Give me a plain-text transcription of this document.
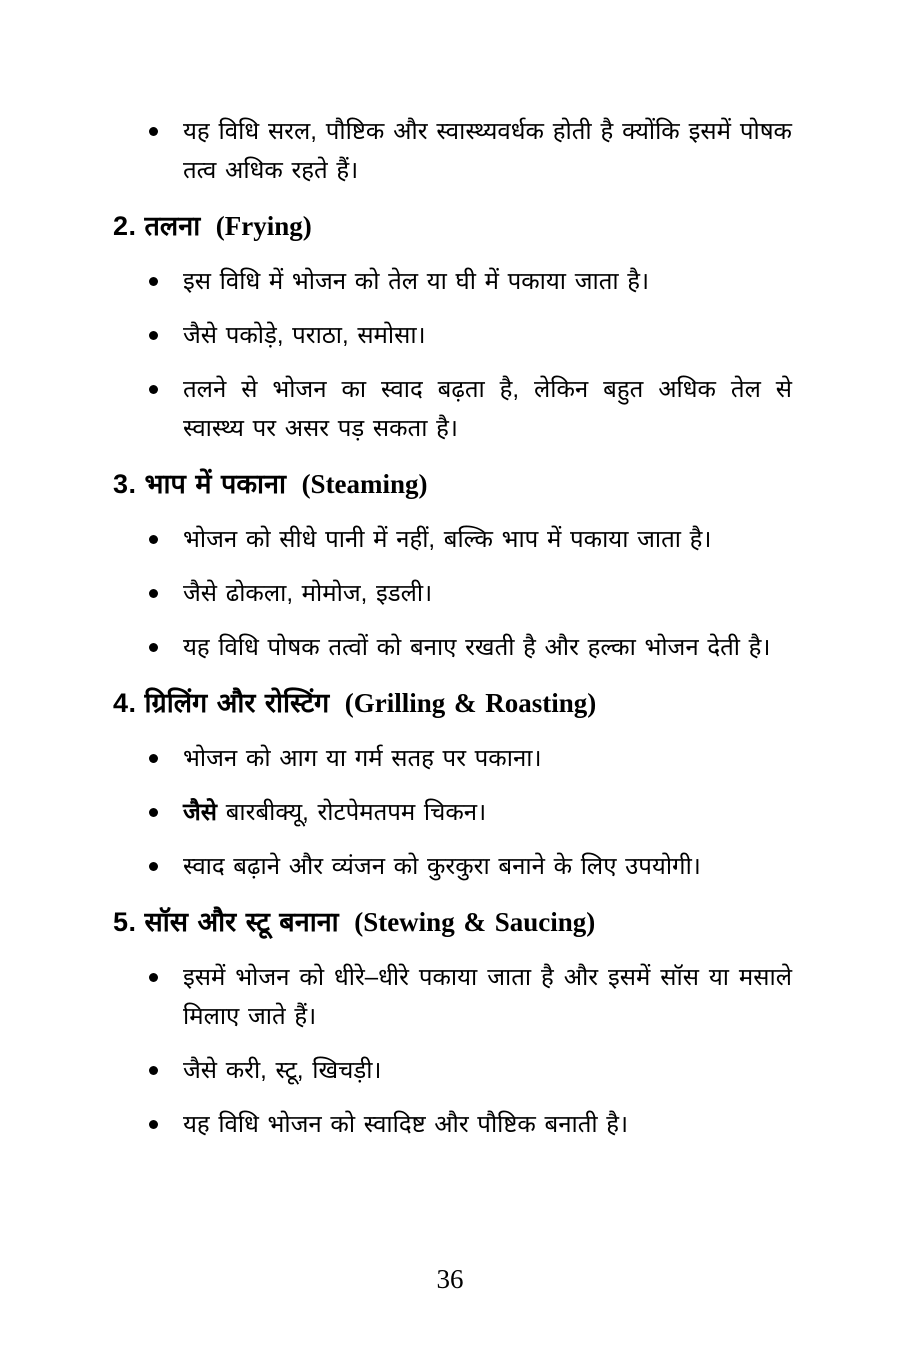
यह विधि सरल, पौष्टिक और स्वास्थ्यवर्धक होती है क्योंकि इसमें पोषक तत्व अधिक रहते हैं।
2. तलना (Frying)
इस विधि में भोजन को तेल या घी में पकाया जाता है।
जैसे पकोड़े, पराठा, समोसा।
तलने से भोजन का स्वाद बढ़ता है, लेकिन बहुत अधिक तेल से स्वास्थ्य पर असर पड़ सकता है।
3. भाप में पकाना (Steaming)
भोजन को सीधे पानी में नहीं, बल्कि भाप में पकाया जाता है।
जैसे ढोकला, मोमोज, इडली।
यह विधि पोषक तत्वों को बनाए रखती है और हल्का भोजन देती है।
4. ग्रिलिंग और रोस्टिंग (Grilling & Roasting)
भोजन को आग या गर्म सतह पर पकाना।
जैसे बारबीक्यू, रोटपेमतपम चिकन।
स्वाद बढ़ाने और व्यंजन को कुरकुरा बनाने के लिए उपयोगी।
5. सॉस और स्टू बनाना (Stewing & Saucing)
इसमें भोजन को धीरे–धीरे पकाया जाता है और इसमें सॉस या मसाले मिलाए जाते हैं।
जैसे करी, स्टू, खिचड़ी।
यह विधि भोजन को स्वादिष्ट और पौष्टिक बनाती है।
36
